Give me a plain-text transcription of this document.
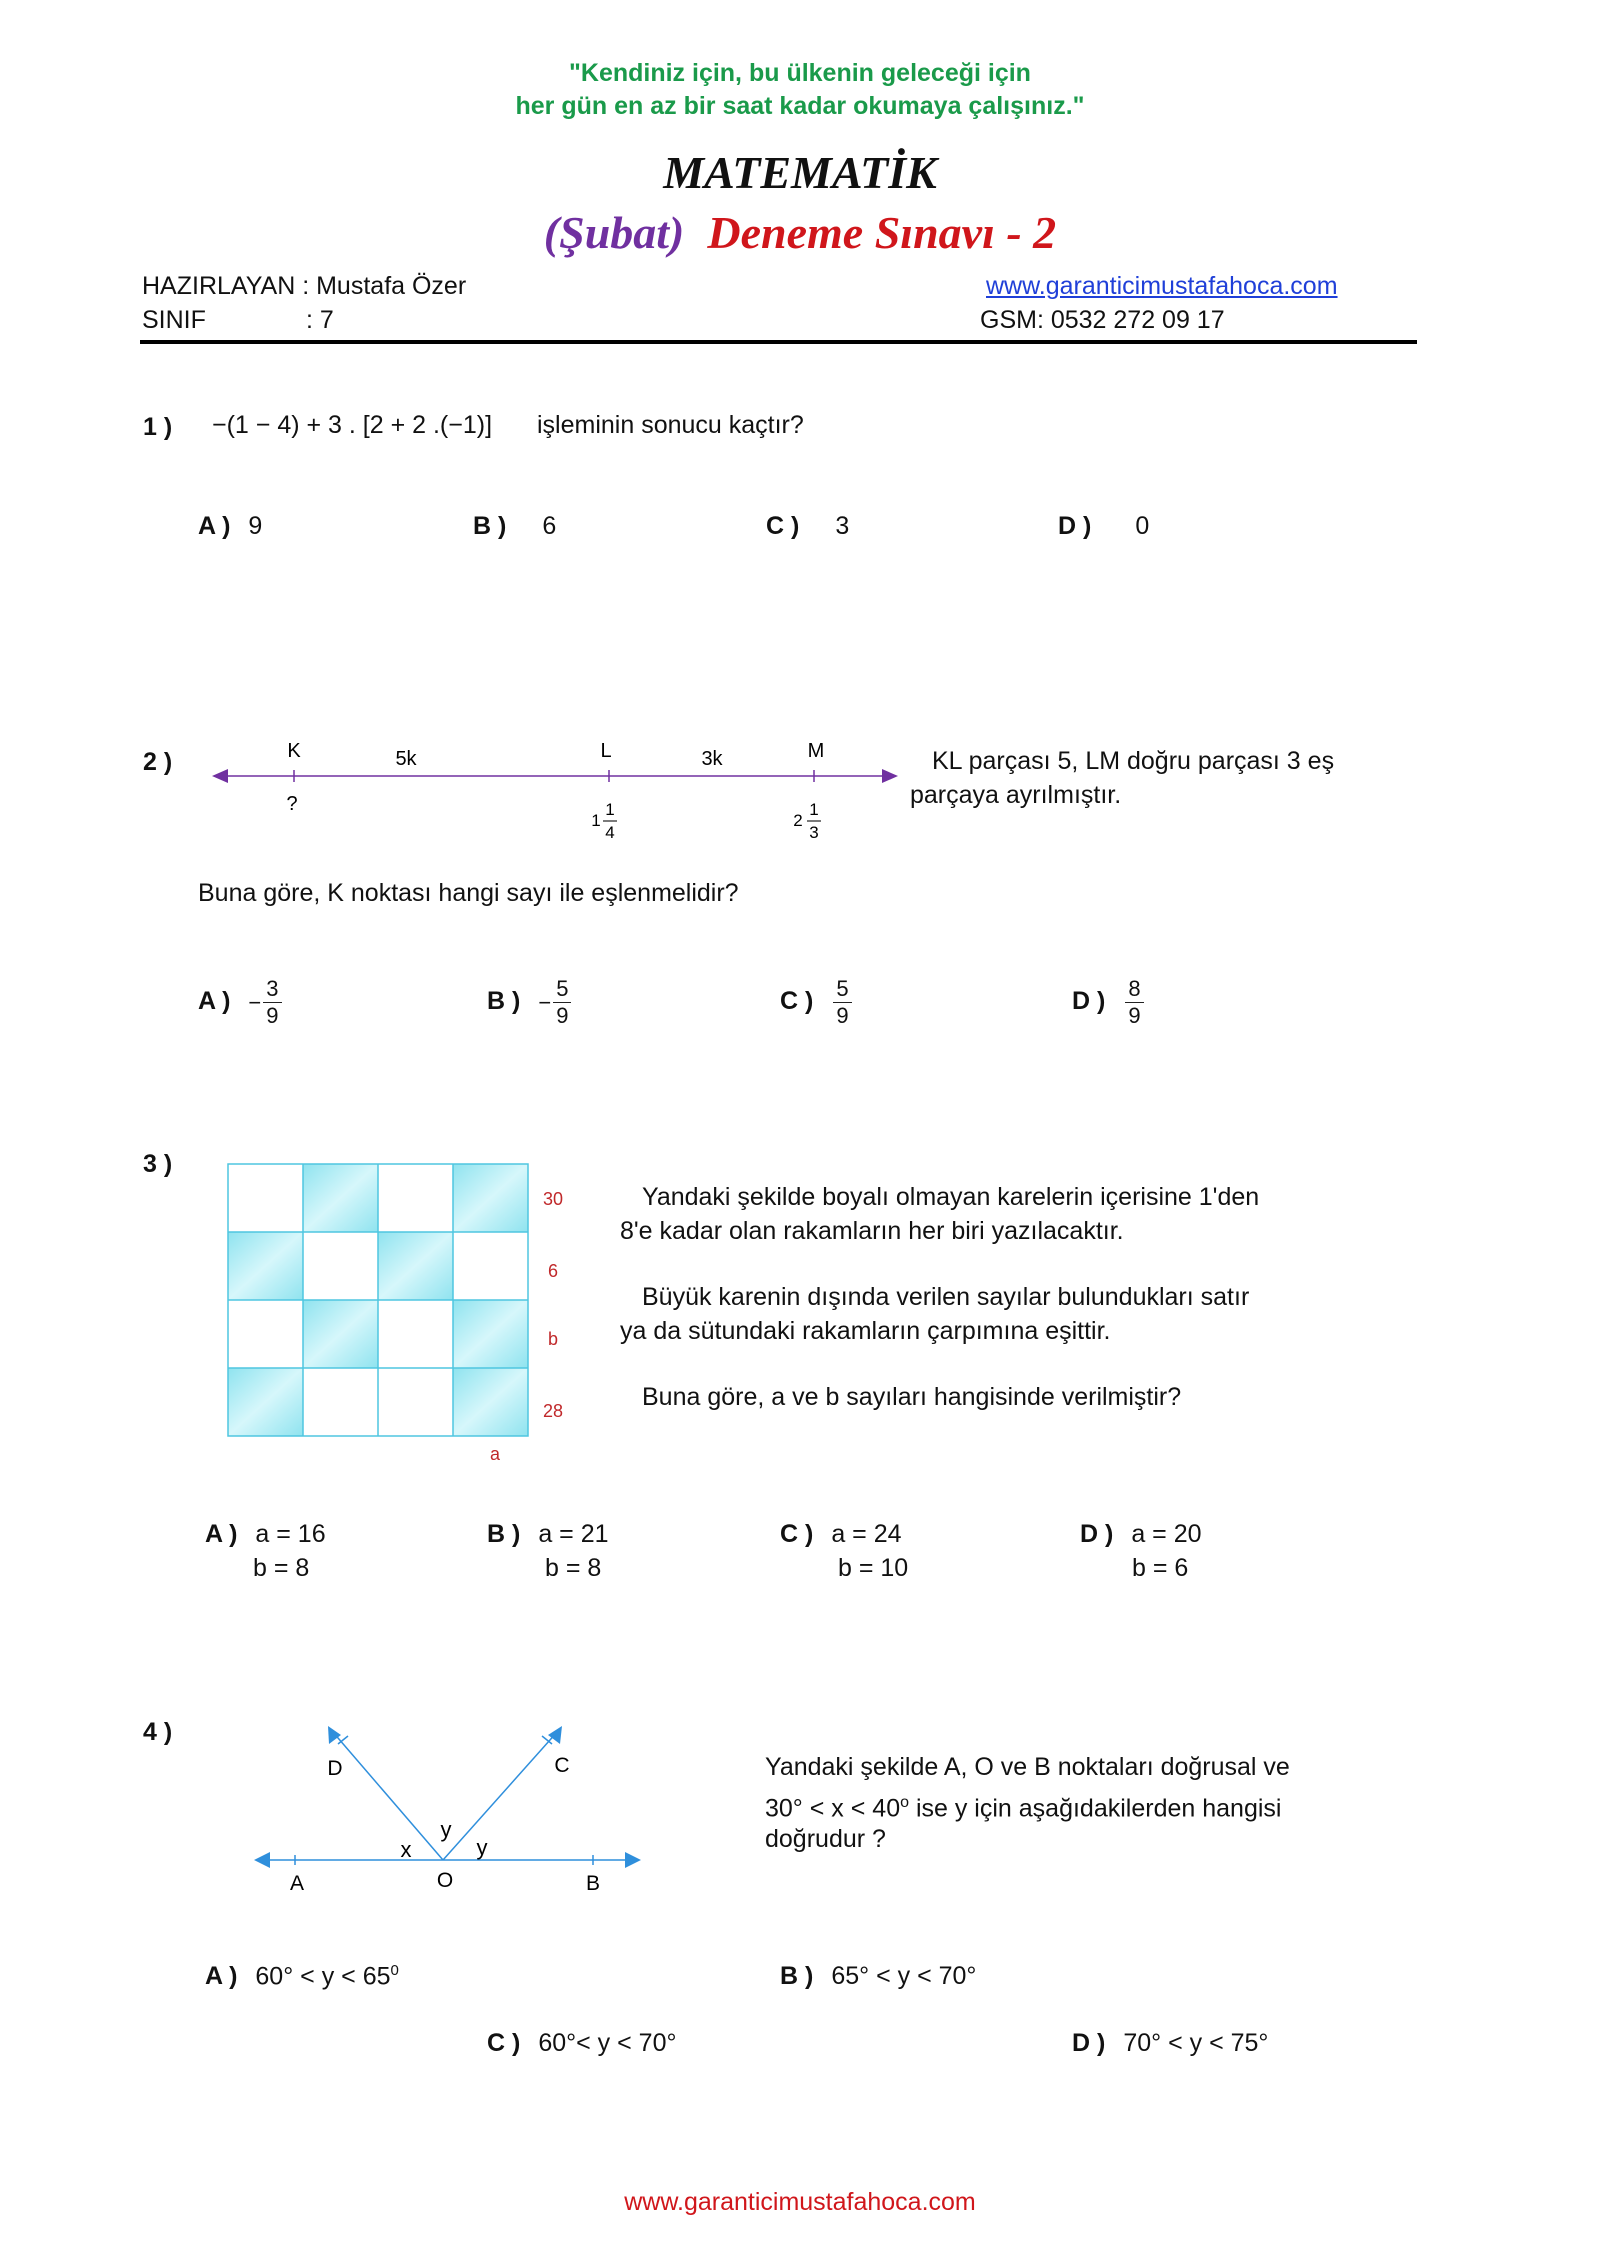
"Kendiniz için, bu ülkenin geleceği için
her gün en az bir saat kadar okumaya çalışınız."
MATEMATİK
(Şubat) Deneme Sınavı - 2
HAZIRLAYAN : Mustafa Özer
SINIF	: 7
www.garanticimustafahoca.com
GSM: 0532 272 09 17
1 ) −(1 − 4) + 3 . [2 + 2 .(−1)] işleminin sonucu kaçtır?
A ) 9	B ) 6	C ) 3	D ) 0
2 )	K	L	M
5k	3k
?
1
1
4
2
1
3
KL parçası 5, LM doğru parçası 3 eş
parçaya ayrılmıştır.
Buna göre, K noktası hangi sayı ile eşlenmelidir?
A ) − $\frac{3}{9}$	B ) − $\frac{5}{9}$	C ) $\frac{5}{9}$	D ) $\frac{8}{9}$
3 )
30
6
b
28
a
Yandaki şekilde boyalı olmayan karelerin içerisine 1'den
8'e kadar olan rakamların her biri yazılacaktır.
Büyük karenin dışında verilen sayılar bulundukları satır
ya da sütundaki rakamların çarpımına eşittir.
Buna göre, a ve b sayıları hangisinde verilmiştir?
A ) a = 16
b = 8
B ) a = 21
b = 8
C ) a = 24
b = 10
D ) a = 20
b = 6
4 )
D	C
A	O	B
y
x	y
Yandaki şekilde A, O ve B noktaları doğrusal ve
$30^\circ < x < 40^o$ ise y için aşağıdakilerden hangisi
doğrudur ?
A ) $60^\circ < y < 65^0$	B ) 65° < y < 70°
C ) 60°< y < 70°	D ) 70° < y < 75°
www.garanticimustafahoca.com
